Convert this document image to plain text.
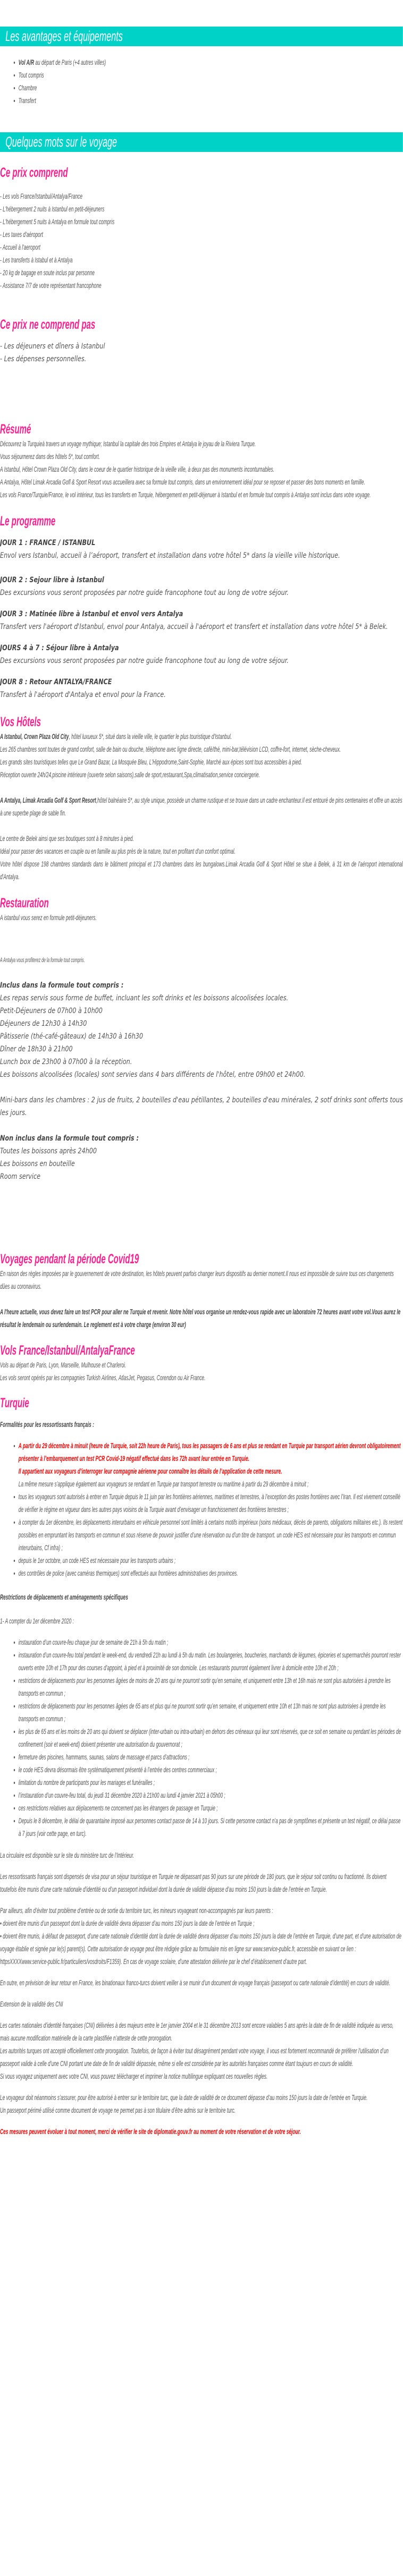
Les avantages et équipements
• Vol A/R au départ de Paris (+4 autres villes)
• Tout compris
• Chambre
• Transfert
Quelques mots sur le voyage
Ce prix comprend

- Les vols France/Istanbul/Antalya/France

- L'hébergement 2 nuits à Istanbul en petit-déjeuners

- L'hébergement 5 nuits à Antalya en formule tout compris

- Les taxes d'aéroport

- Accueil à l'aeroport

- Les transferts à Istabul et à Antalya

- 20 kg de bagage en soute inclus par personne

- Assistance 7/7 de votre représentant francophone

Ce prix ne comprend pas

- Les déjeuners et dîners à Istanbul

- Les dépenses personnelles.

Résumé

Découvrez la Turquieà travers un voyage mythique; Istanbul la capitale des trois Empires et Antalya le joyau de la Riviera Turque.

Vous séjournerez dans des hôtels 5*, tout comfort.

A Istanbul, Hôtel Crown Plaza Old City, dans le coeur de le quartier historique de la vieille ville, à deux pas des monuments inconturnables.

A Antalya, Hôtel Limak Arcadia Gofl & Sport Resort vous accueillera avec sa formule tout compris, dans un environnement idéal pour se reposer et passer des bons moments en famille.

Les vols France/Turquie/France, le vol intérieur, tous les transferts en Turquie, hébergement en petit-déjenuer à Istanbul et en formule tout compris à Antalya sont inclus dans votre voyage.

Le programme
JOUR 1 : FRANCE / ISTANBUL

Envol vers Istanbul, accueil à l’aéroport, transfert et installation dans votre hôtel 5* dans la vieille ville historique.

JOUR 2 : Sejour libre à Istanbul

Des excursions vous seront proposées par notre guide francophone tout au long de votre séjour.

JOUR 3 : Matinée libre à Istanbul et envol vers Antalya

Transfert vers l'aéroport d'Istanbul, envol pour Antalya, accueil à l'aéroport et transfert et installation dans votre hôtel 5* à Belek.

JOURS 4 à 7 : Séjour libre à Antalya

Des excursions vous seront proposées par notre guide francophone tout au long de votre séjour.

JOUR 8 : Retour ANTALYA/FRANCE

Transfert à l'aéroport d'Antalya et envol pour la France.

Vos Hôtels

A Istanbul, Crown Plaza Old City, hôtel luxueux 5*, situé dans la vieille ville, le quartier le plus touristique d'Istanbul.

Les 265 chambres sont toutes de grand confort, salle de bain ou douche, téléphone avec ligne directe, café/thé, mini-bar,télévision LCD, coffre-fort, internet, sèche-cheveux.

Les grands sites touristiques telles que Le Grand Bazar, La Mosquée Bleu, L'Hippodrome,Saint-Sophie, Marché aux épices sont tous accessibles à pied.

Réception ouverte 24h/24,piscine intérieure (ouverte selon saisons),salle de sport,restaurant,Spa,climatisation,service conciergerie.

A Antalya, Limak Arcadia Golf & Sport Resort,hôtel balnéaire 5*, au style unique, possède un charme rustique et se trouve dans un cadre enchanteur.Il est entouré de pins centenaires et offre un accès à une superbe plage de sable fin.

Le centre de Belek ainsi que ses boutiques sont à 8 minutes à pied.

Idéal pour passer des vacances en couple ou en famille au plus près de la nature, tout en profitant d'un confort optimal.

Votre hôtel dispose 198 chambres standards dans le bâtiment principal et 173 chambres dans les bungalows.Limak Arcadia Golf & Sport Hôtel se situe à Belek, à 31 km de l'aéroport international d'Antalya.

Restauration

A istanbul vous serez en formule petit-déjeuners.

A Antalya vous profiterez de la formule tout compris.

Inclus dans la formule tout compris :

Les repas servis sous forme de buffet, incluant les soft drinks et les boissons alcoolisées locales.

Petit-Déjeuners de 07h00 à 10h00

Déjeuners de 12h30 à 14h30

Pâtisserie (thé-café-gâteaux) de 14h30 à 16h30

Dîner de 18h30 à 21h00

Lunch box de 23h00 à 07h00 à la réception.

Les boissons alcoolisées (locales) sont servies dans 4 bars différents de l'hôtel, entre 09h00 et 24h00.

Mini-bars dans les chambres : 2 jus de fruits, 2 bouteilles d'eau pétillantes, 2 bouteilles d'eau minérales, 2 sotf drinks sont offerts tous les jours.

Non inclus dans la formule tout compris :

Toutes les boissons après 24h00

Les boissons en bouteille

Room service

Voyages pendant la période Covid19

En raison des règles imposées par le gouvernement de votre destination, les hôtels peuvent parfois changer leurs dispositifs au dernier moment.Il nous est impossible de suivre tous ces changements dûes au coronavirus.

A l'heure actuelle, vous devez faire un test PCR pour aller ne Turquie et revenir. Notre hôtel vous organise un rendez-vous rapide avec un laboratoire 72 heures avant votre vol.Vous aurez le résultat le lendemain ou surlendemain. Le reglement est à votre charge (environ 30 eur)

Vols France/Istanbul/AntalyaFrance

Vols au départ de Paris, Lyon, Marseille, Mulhouse et Charleroi.

Les vols seront opérés par les compagnies Turkish Airlines, AtlasJet, Pegasus, Corendon ou Air France.

Turquie

Formalités pour les ressortissants français :

• A partir du 29 décembre à minuit (heure de Turquie, soit 22h heure de Paris), tous les passagers de 6 ans et plus se rendant en Turquie par transport aérien devront obligatoirement présenter à l’embarquement un test PCR Covid-19 négatif effectué dans les 72h avant leur entrée en Turquie.
Il appartient aux voyageurs d’interroger leur compagnie aérienne pour connaître les détails de l’application de cette mesure.
La même mesure s’applique également aux voyageurs se rendant en Turquie par transport terrestre ou maritime à partir du 29 décembre à minuit ;
• tous les voyageurs sont autorisés à entrer en Turquie depuis le 11 juin par les frontières aériennes, maritimes et terrestres, à l’exception des postes frontières avec l’Iran. Il est vivement conseillé de vérifier le régime en vigueur dans les autres pays voisins de la Turquie avant d’envisager un franchissement des frontières terrestres ;
• à compter du 1er décembre, les déplacements interurbains en véhicule personnel sont limités à certains motifs impérieux (soins médicaux, décès de parents, obligations militaires etc.). Ils restent possibles en empruntant les transports en commun et sous réserve de pouvoir justifier d’une réservation ou d’un titre de transport. un code HES est nécessaire pour les transports en commun interurbains, Cf infra) ;
• depuis le 1er octobre, un code HES est nécessaire pour les transports urbains ;
• des contrôles de police (avec caméras thermiques) sont effectués aux frontières administratives des provinces.

Restrictions de déplacements et aménagements spécifiques

1- A compter du 1er décembre 2020 :

• instauration d’un couvre-feu chaque jour de semaine de 21h à 5h du matin ;
• instauration d’un couvre-feu total pendant le week-end, du vendredi 21h au lundi à 5h du matin. Les boulangeries, boucheries, marchands de légumes, épiceries et supermarchés pourront rester ouverts entre 10h et 17h pour des courses d’appoint, à pied et à proximité de son domicile. Les restaurants pourront également livrer à domicile entre 10h et 20h ;
• restrictions de déplacements pour les personnes âgées de moins de 20 ans qui ne pourront sortir qu’en semaine, et uniquement entre 13h et 16h mais ne sont plus autorisées à prendre les transports en commun ;
• restrictions de déplacements pour les personnes âgées de 65 ans et plus qui ne pourront sortir qu’en semaine, et uniquement entre 10h et 13h mais ne sont plus autorisées à prendre les transports en commun ;
• les plus de 65 ans et les moins de 20 ans qui doivent se déplacer (inter-urbain ou intra-urbain) en dehors des créneaux qui leur sont réservés, que ce soit en semaine ou pendant les périodes de confinement (soir et week-end) doivent présenter une autorisation du gouvernorat ;
• fermeture des piscines, hammams, saunas, salons de massage et parcs d’attractions ;
• le code HES devra désormais être systématiquement présenté à l’entrée des centres commerciaux ;
• limitation du nombre de participants pour les mariages et funérailles ;
• l’instauration d’un couvre-feu total, du jeudi 31 décembre 2020 à 21h00 au lundi 4 janvier 2021 à 05h00 ;
• ces restrictions relatives aux déplacements ne concernent pas les étrangers de passage en Turquie ;
• Depuis le 8 décembre, le délai de quarantaine imposé aux personnes contact passe de 14 à 10 jours. Si cette personne contact n’a pas de symptômes et présente un test négatif, ce délai passe à 7 jours (voir cette page, en turc).

La circulaire est disponible sur le site du ministère turc de l’Intérieur.

Les ressortissants français sont dispensés de visa pour un séjour touristique en Turquie ne dépassant pas 90 jours sur une période de 180 jours, que le séjour soit continu ou fractionné. Ils doivent toutefois être munis d’une carte nationale d’identité ou d’un passeport individuel dont la durée de validité dépasse d’au moins 150 jours la date de l’entrée en Turquie.

Par ailleurs, afin d’éviter tout problème d’entrée ou de sortie du territoire turc, les mineurs voyageant non-accompagnés par leurs parents :

• doivent être munis d’un passeport dont la durée de validité devra dépasser d’au moins 150 jours la date de l’entrée en Turquie ;

• doivent être munis, à défaut de passeport, d’une carte nationale d’identité dont la durée de validité devra dépasser d’au moins 150 jours la date de l’entrée en Turquie, d’une part, et d’une autorisation de voyage établie et signée par le(s) parent(s). Cette autorisation de voyage peut être rédigée grâce au formulaire mis en ligne sur www.service-public.fr, accessible en suivant ce lien : httpsXXXXwww.service-public.fr/particuliers/vosdroits/F1359). En cas de voyage scolaire, d’une attestation délivrée par le chef d’établissement d’autre part.

En outre, en prévision de leur retour en France, les binationaux franco-turcs doivent veiller à se munir d’un document de voyage français (passeport ou carte nationale d’identité) en cours de validité.

Extension de la validité des CNI

Les cartes nationales d’identité françaises (CNI) délivrées à des majeurs entre le 1er janvier 2004 et le 31 décembre 2013 sont encore valables 5 ans après la date de fin de validité indiquée au verso, mais aucune modification matérielle de la carte plastifiée n’atteste de cette prorogation.

Les autorités turques ont accepté officiellement cette prorogation. Toutefois, de façon à éviter tout désagrément pendant votre voyage, il vous est fortement recommandé de préférer l’utilisation d’un passeport valide à celle d’une CNI portant une date de fin de validité dépassée, même si elle est considérée par les autorités françaises comme étant toujours en cours de validité.

Si vous voyagez uniquement avec votre CNI, vous pouvez télécharger et imprimer la notice multilingue expliquant ces nouvelles règles.

Le voyageur doit néanmoins s’assurer, pour être autorisé à entrer sur le territoire turc, que la date de validité de ce document dépasse d’au moins 150 jours la date de l’entrée en Turquie.

Un passeport périmé utilisé comme document de voyage ne permet pas à son titulaire d’être admis sur le territoire turc.

Ces mesures peuvent évoluer à tout moment, merci de vérifier le site de diplomatie.gouv.fr au moment de votre réservation et de votre séjour.
